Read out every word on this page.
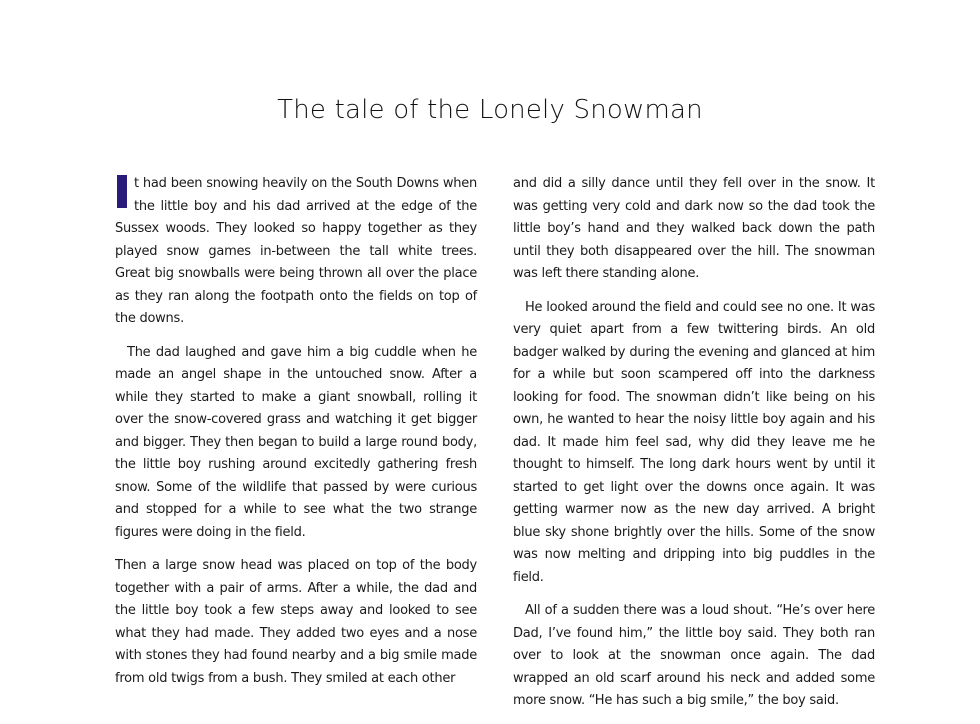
The tale of the Lonely Snowman

t had been snowing heavily on the South Downs when the little boy and his dad arrived at the edge of the Sussex woods. They looked so happy together as they played snow games in-between the tall white trees. Great big snowballs were being thrown all over the place as they ran along the footpath onto the fields on top of the downs.

The dad laughed and gave him a big cuddle when he made an angel shape in the untouched snow. After a while they started to make a giant snowball, rolling it over the snow-covered grass and watching it get bigger and bigger. They then began to build a large round body, the little boy rushing around excitedly gathering fresh snow. Some of the wildlife that passed by were curious and stopped for a while to see what the two strange figures were doing in the field.

Then a large snow head was placed on top of the body together with a pair of arms. After a while, the dad and the little boy took a few steps away and looked to see what they had made. They added two eyes and a nose with stones they had found nearby and a big smile made from old twigs from a bush. They smiled at each other

and did a silly dance until they fell over in the snow. It was getting very cold and dark now so the dad took the little boy’s hand and they walked back down the path until they both disappeared over the hill. The snowman was left there standing alone.

He looked around the field and could see no one. It was very quiet apart from a few twittering birds. An old badger walked by during the evening and glanced at him for a while but soon scampered off into the darkness looking for food. The snowman didn’t like being on his own, he wanted to hear the noisy little boy again and his dad. It made him feel sad, why did they leave me he thought to himself. The long dark hours went by until it started to get light over the downs once again. It was getting warmer now as the new day arrived. A bright blue sky shone brightly over the hills. Some of the snow was now melting and dripping into big puddles in the field.

All of a sudden there was a loud shout. “He’s over here Dad, I’ve found him,” the little boy said. They both ran over to look at the snowman once again. The dad wrapped an old scarf around his neck and added some more snow. “He has such a big smile,” the boy said.
